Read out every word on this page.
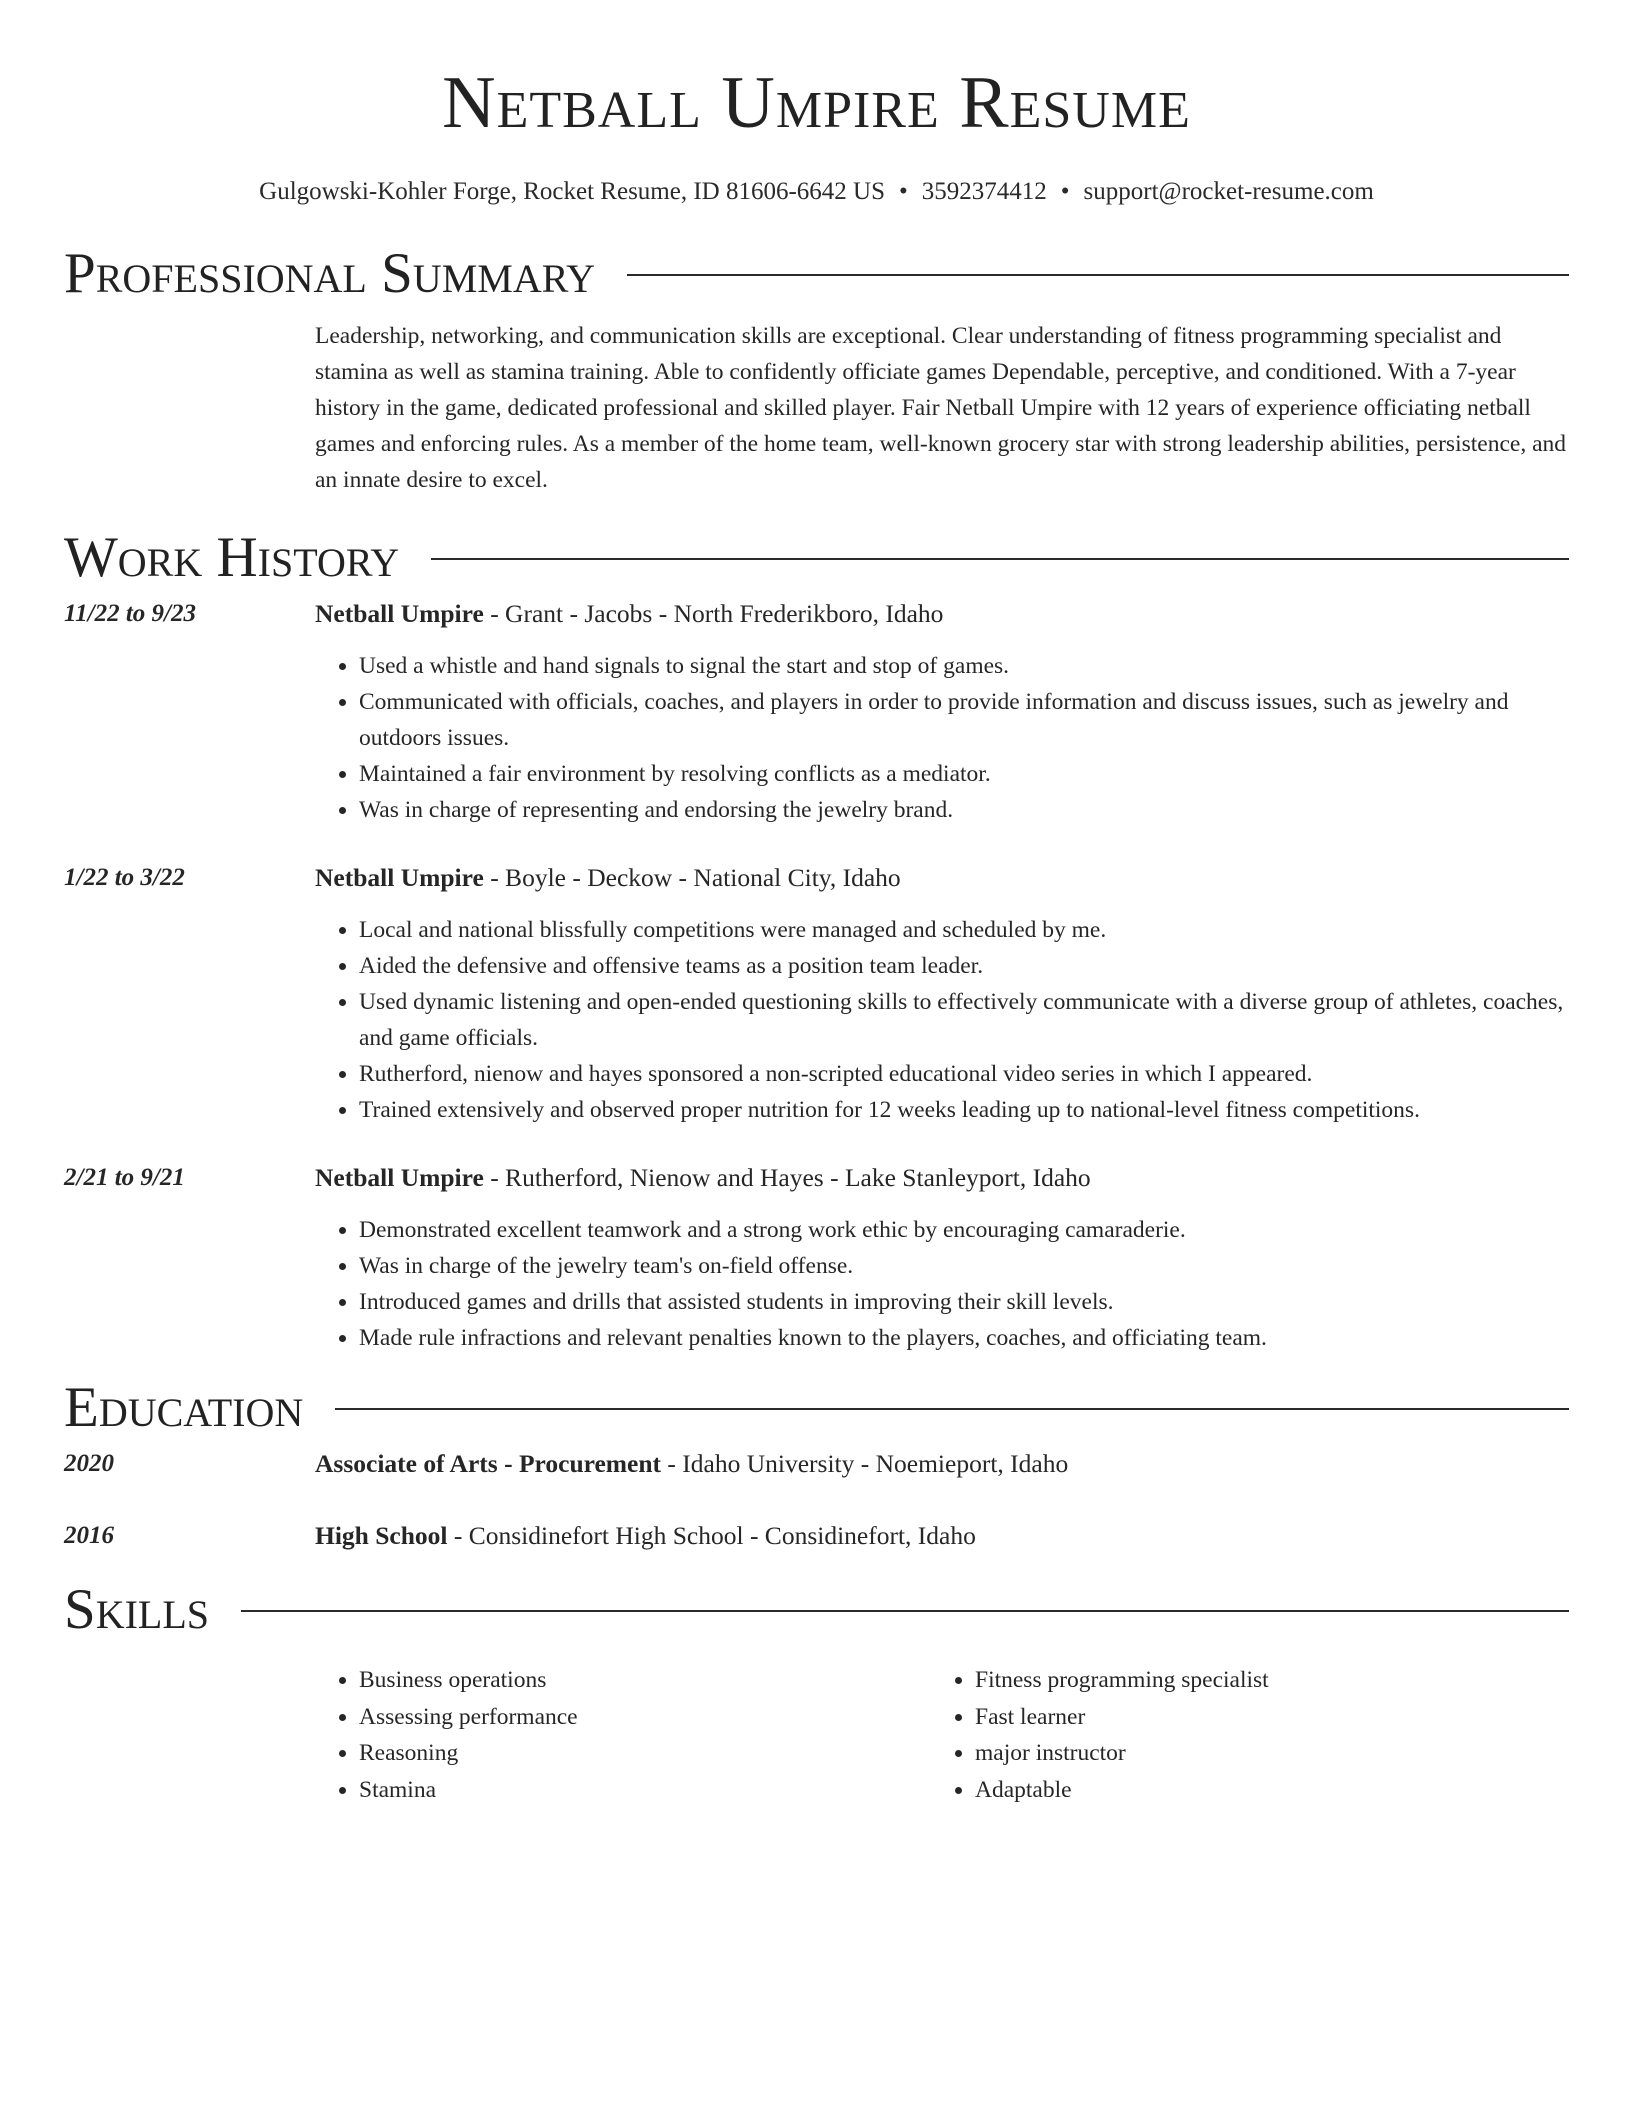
Netball Umpire Resume
Gulgowski-Kohler Forge, Rocket Resume, ID 81606-6642 US • 3592374412 • support@rocket-resume.com
Professional Summary
Leadership, networking, and communication skills are exceptional. Clear understanding of fitness programming specialist and stamina as well as stamina training. Able to confidently officiate games Dependable, perceptive, and conditioned. With a 7-year history in the game, dedicated professional and skilled player. Fair Netball Umpire with 12 years of experience officiating netball games and enforcing rules. As a member of the home team, well-known grocery star with strong leadership abilities, persistence, and an innate desire to excel.
Work History
11/22 to 9/23	Netball Umpire - Grant - Jacobs - North Frederikboro, Idaho
• Used a whistle and hand signals to signal the start and stop of games.
• Communicated with officials, coaches, and players in order to provide information and discuss issues, such as jewelry and outdoors issues.
• Maintained a fair environment by resolving conflicts as a mediator.
• Was in charge of representing and endorsing the jewelry brand.
1/22 to 3/22	Netball Umpire - Boyle - Deckow - National City, Idaho
• Local and national blissfully competitions were managed and scheduled by me.
• Aided the defensive and offensive teams as a position team leader.
• Used dynamic listening and open-ended questioning skills to effectively communicate with a diverse group of athletes, coaches, and game officials.
• Rutherford, nienow and hayes sponsored a non-scripted educational video series in which I appeared.
• Trained extensively and observed proper nutrition for 12 weeks leading up to national-level fitness competitions.
2/21 to 9/21	Netball Umpire - Rutherford, Nienow and Hayes - Lake Stanleyport, Idaho
• Demonstrated excellent teamwork and a strong work ethic by encouraging camaraderie.
• Was in charge of the jewelry team's on-field offense.
• Introduced games and drills that assisted students in improving their skill levels.
• Made rule infractions and relevant penalties known to the players, coaches, and officiating team.
Education
2020	Associate of Arts - Procurement - Idaho University - Noemieport, Idaho
2016	High School - Considinefort High School - Considinefort, Idaho
Skills
• Business operations
• Assessing performance
• Reasoning
• Stamina
• Fitness programming specialist
• Fast learner
• major instructor
• Adaptable
